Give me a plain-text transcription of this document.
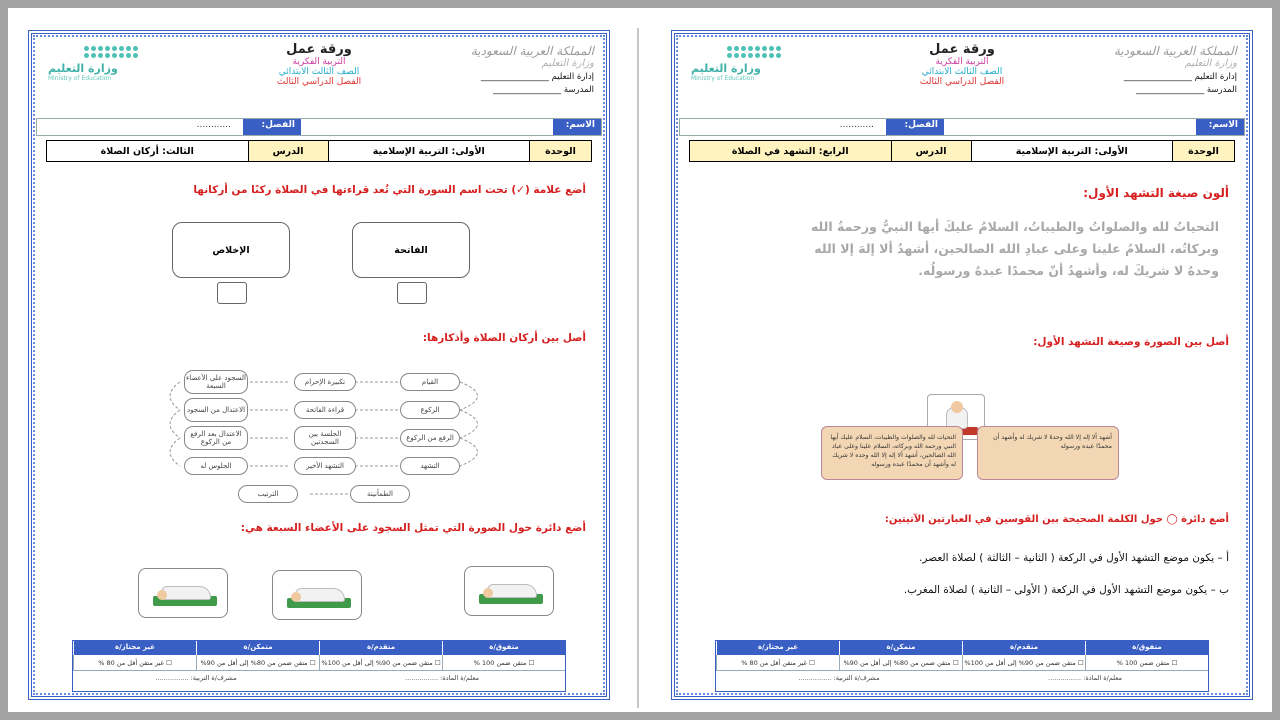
المملكة العربية السعودية
وزارة التعليم
إدارة التعليم ________________
المدرسة ________________
ورقة عمل
التربية الفكرية
الصف الثالث الابتدائي
الفصل الدراسي الثالث
وزارة التعليم
Ministry of Education
الاسم:
الفصل:
............
الوحدة
الأولى: التربية الإسلامية
الدرس
الثالث: أركان الصلاة
أضع علامة (✓) تحت اسم السورة التي تُعد قراءتها في الصلاة ركنًا من أركانها
الفاتحة
الإخلاص
أصل بين أركان الصلاة وأذكارها:
القيام
تكبيرة الإحرام
السجود على الأعضاء السبعة
الركوع
قراءة الفاتحة
الاعتدال من السجود
الرفع من الركوع
الجلسة بين السجدتين
الاعتدال بعد الرفع من الركوع
التشهد
التشهد الأخير
الجلوس له
الطمأنينة
الترتيب
أضع دائرة حول الصورة التي تمثل السجود على الأعضاء السبعة هي:
متفوق/ة
متقدم/ة
متمكن/ة
غير مجتاز/ة
☐ متقن ضمن 100 %
☐ متقن ضمن من 90% إلى أقل من 100%
☐ متقن ضمن من 80% إلى أقل من 90%
☐ غير متقن أقل من 80 %
معلم/ة المادة: ................
مشرف/ة التربية: ................
المملكة العربية السعودية
وزارة التعليم
إدارة التعليم ________________
المدرسة ________________
ورقة عمل
التربية الفكرية
الصف الثالث الابتدائي
الفصل الدراسي الثالث
وزارة التعليم
Ministry of Education
الاسم:
الفصل:
............
الوحدة
الأولى: التربية الإسلامية
الدرس
الرابع: التشهد في الصلاة
ألون صيغة التشهد الأول:
التحياتُ لله والصلواتُ والطيباتُ، السلامُ عليكَ أيها النبيُّ ورحمةُ الله وبركاتُه، السلامُ علينا وعلى عبادِ الله الصالحين، أشهدُ ألا إلهَ إلا الله وحدهُ لا شريكَ له، وأشهدُ أنّ محمدًا عبدهُ ورسولُه.
أصل بين الصورة وصيغة التشهد الأول:
أشهد ألا إله إلا الله وحدهُ لا شريك له وأشهد أن محمدًا عبده ورسوله
التحيات لله والصلوات والطيبات، السلام عليك أيها النبي ورحمة الله وبركاته، السلام علينا وعلى عباد الله الصالحين، أشهد ألا إله إلا الله وحده لا شريك له وأشهد أن محمدًا عبده ورسوله
أضع دائرة ◯ حول الكلمة الصحيحة بين القوسين في العبارتين الآتيتين:
أ – يكون موضع التشهد الأول في الركعة ( الثانية – الثالثة ) لصلاة العصر.
ب – يكون موضع التشهد الأول في الركعة ( الأولى – الثانية ) لصلاة المغرب.
متفوق/ة
متقدم/ة
متمكن/ة
غير مجتاز/ة
☐ متقن ضمن 100 %
☐ متقن ضمن من 90% إلى أقل من 100%
☐ متقن ضمن من 80% إلى أقل من 90%
☐ غير متقن أقل من 80 %
معلم/ة المادة: ................
مشرف/ة التربية: ................
